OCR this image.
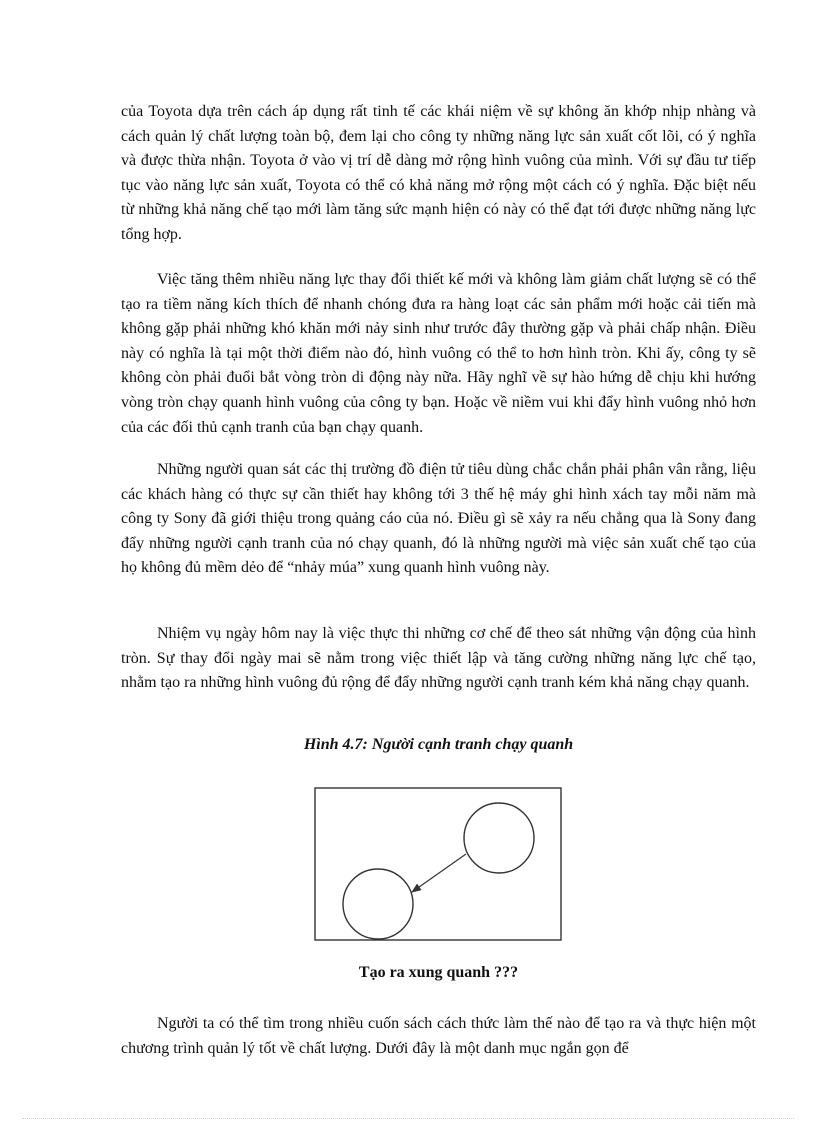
của Toyota dựa trên cách áp dụng rất tinh tế các khái niệm về sự không ăn khớp nhịp nhàng và cách quản lý chất lượng toàn bộ, đem lại cho công ty những năng lực sản xuất cốt lõi, có ý nghĩa và được thừa nhận. Toyota ở vào vị trí dễ dàng mở rộng hình vuông của mình. Với sự đầu tư tiếp tục vào năng lực sản xuất, Toyota có thể có khả năng mở rộng một cách có ý nghĩa. Đặc biệt nếu từ những khả năng chế tạo mới làm tăng sức mạnh hiện có này có thể đạt tới được những năng lực tổng hợp.

Việc tăng thêm nhiều năng lực thay đổi thiết kế mới và không làm giảm chất lượng sẽ có thể tạo ra tiềm năng kích thích để nhanh chóng đưa ra hàng loạt các sản phẩm mới hoặc cải tiến mà không gặp phải những khó khăn mới nảy sinh như trước đây thường gặp và phải chấp nhận. Điều này có nghĩa là tại một thời điểm nào đó, hình vuông có thể to hơn hình tròn. Khi ấy, công ty sẽ không còn phải đuổi bắt vòng tròn di động này nữa. Hãy nghĩ về sự hào hứng dễ chịu khi hướng vòng tròn chạy quanh hình vuông của công ty bạn. Hoặc về niềm vui khi đẩy hình vuông nhỏ hơn của các đối thủ cạnh tranh của bạn chạy quanh.

Những người quan sát các thị trường đồ điện tử tiêu dùng chắc chắn phải phân vân rằng, liệu các khách hàng có thực sự cần thiết hay không tới 3 thế hệ máy ghi hình xách tay mỗi năm mà công ty Sony đã giới thiệu trong quảng cáo của nó. Điều gì sẽ xảy ra nếu chẳng qua là Sony đang đẩy những người cạnh tranh của nó chạy quanh, đó là những người mà việc sản xuất chế tạo của họ không đủ mềm dẻo để “nhảy múa” xung quanh hình vuông này.

Nhiệm vụ ngày hôm nay là việc thực thi những cơ chế để theo sát những vận động của hình tròn. Sự thay đổi ngày mai sẽ nằm trong việc thiết lập và tăng cường những năng lực chế tạo, nhằm tạo ra những hình vuông đủ rộng để đẩy những người cạnh tranh kém khả năng chạy quanh.

Hình 4.7: Người cạnh tranh chạy quanh

Tạo ra xung quanh ???

Người ta có thể tìm trong nhiều cuốn sách cách thức làm thế nào để tạo ra và thực hiện một chương trình quản lý tốt về chất lượng. Dưới đây là một danh mục ngắn gọn để
